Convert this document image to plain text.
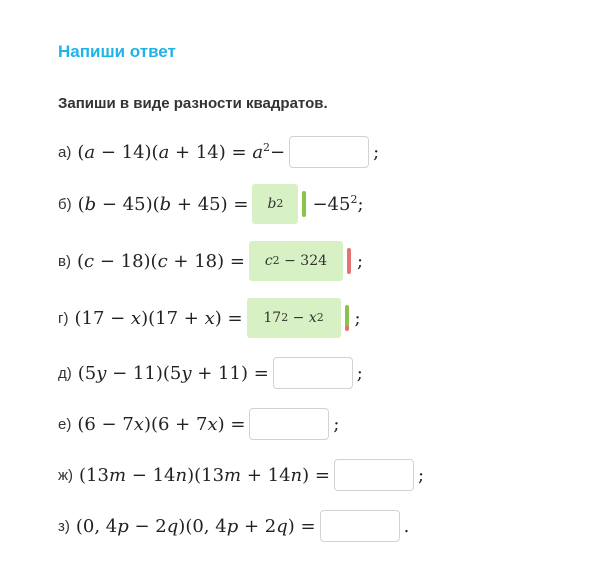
Напиши ответ
Запиши в виде разности квадратов.
а) $(a - 14)(a + 14) = a^2-$	;
б) (b − 45)(b + 45) = b $2 -45^2$;
в) (c − 18)(c + 18) = c 2 − 324	;
г) (17 − x)(17 + x) =	17 2 − x 2 ;
д) (5y − 11)(5y + 11) =	;
е) (6 − 7x)(6 + 7x) =	;
ж) (13m − 14n)(13m + 14n) =	;
з) (0, 4p − 2q)(0, 4p + 2q) =	.
